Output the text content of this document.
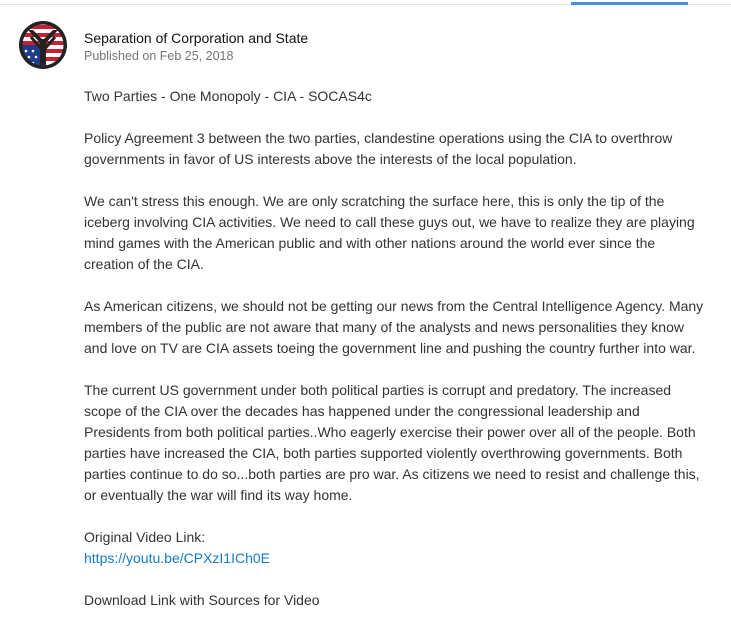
Separation of Corporation and State
Published on Feb 25, 2018

Two Parties - One Monopoly - CIA - SOCAS4c

Policy Agreement 3 between the two parties, clandestine operations using the CIA to overthrow governments in favor of US interests above the interests of the local population.

We can't stress this enough. We are only scratching the surface here, this is only the tip of the iceberg involving CIA activities. We need to call these guys out, we have to realize they are playing mind games with the American public and with other nations around the world ever since the creation of the CIA.

As American citizens, we should not be getting our news from the Central Intelligence Agency. Many members of the public are not aware that many of the analysts and news personalities they know and love on TV are CIA assets toeing the government line and pushing the country further into war.

The current US government under both political parties is corrupt and predatory. The increased scope of the CIA over the decades has happened under the congressional leadership and Presidents from both political parties..Who eagerly exercise their power over all of the people. Both parties have increased the CIA, both parties supported violently overthrowing governments. Both parties continue to do so...both parties are pro war. As citizens we need to resist and challenge this, or eventually the war will find its way home.

Original Video Link:
https://youtu.be/CPXzI1ICh0E

Download Link with Sources for Video
